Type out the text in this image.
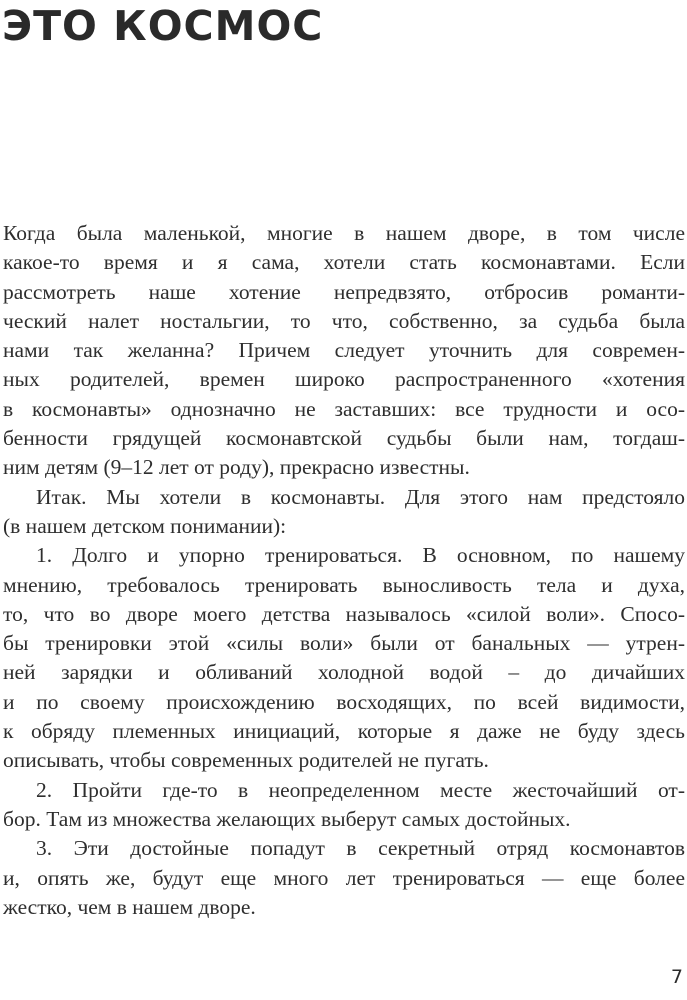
ЭТО КОСМОС
Когда была маленькой, многие в нашем дворе, в том числе
какое-то время и я сама, хотели стать космонавтами. Если
рассмотреть наше хотение непредвзято, отбросив романти-
ческий налет ностальгии, то что, собственно, за судьба была
нами так желанна? Причем следует уточнить для современ-
ных родителей, времен широко распространенного «хотения
в космонавты» однозначно не заставших: все трудности и осо-
бенности грядущей космонавтской судьбы были нам, тогдаш-
ним детям (9–12 лет от роду), прекрасно известны.
Итак. Мы хотели в космонавты. Для этого нам предстояло
(в нашем детском понимании):
1. Долго и упорно тренироваться. В основном, по нашему
мнению, требовалось тренировать выносливость тела и духа,
то, что во дворе моего детства называлось «силой воли». Спосо-
бы тренировки этой «силы воли» были от банальных — утрен-
ней зарядки и обливаний холодной водой – до дичайших
и по своему происхождению восходящих, по всей видимости,
к обряду племенных инициаций, которые я даже не буду здесь
описывать, чтобы современных родителей не пугать.
2. Пройти где-то в неопределенном месте жесточайший от-
бор. Там из множества желающих выберут самых достойных.
3. Эти достойные попадут в секретный отряд космонавтов
и, опять же, будут еще много лет тренироваться — еще более
жестко, чем в нашем дворе.
7
